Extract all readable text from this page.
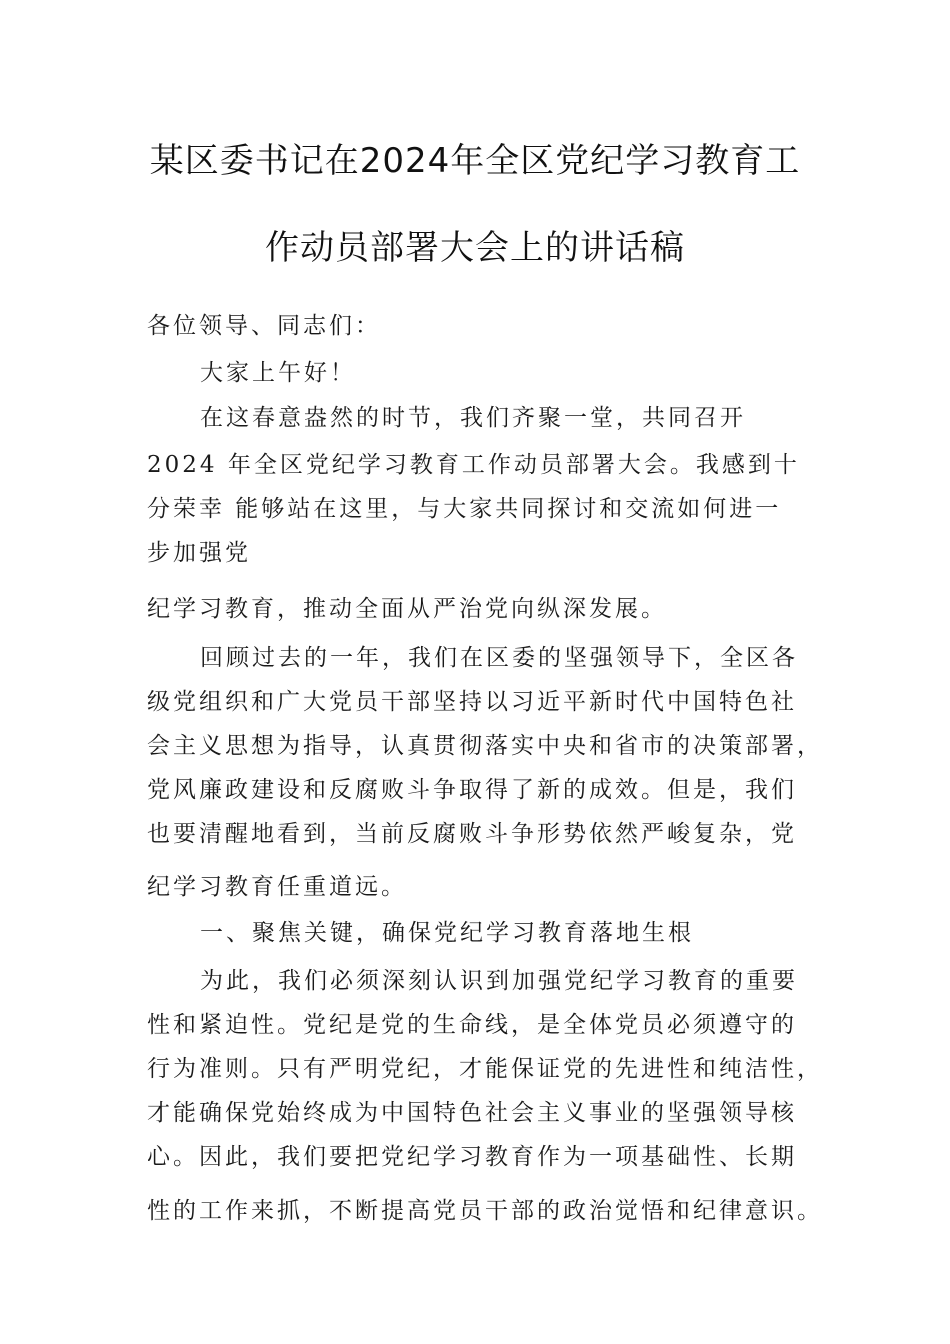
某区委书记在2024年全区党纪学习教育工
作动员部署大会上的讲话稿
各位领导、同志们：
大家上午好！
在这春意盎然的时节，我们齐聚一堂，共同召开
2024 年全区党纪学习教育工作动员部署大会。我感到十
分荣幸 能够站在这里，与大家共同探讨和交流如何进一
步加强党
纪学习教育，推动全面从严治党向纵深发展。
回顾过去的一年，我们在区委的坚强领导下，全区各
级党组织和广大党员干部坚持以习近平新时代中国特色社
会主义思想为指导，认真贯彻落实中央和省市的决策部署，
党风廉政建设和反腐败斗争取得了新的成效。但是，我们
也要清醒地看到，当前反腐败斗争形势依然严峻复杂，党
纪学习教育任重道远。
一、聚焦关键，确保党纪学习教育落地生根
为此，我们必须深刻认识到加强党纪学习教育的重要
性和紧迫性。党纪是党的生命线，是全体党员必须遵守的
行为准则。只有严明党纪，才能保证党的先进性和纯洁性，
才能确保党始终成为中国特色社会主义事业的坚强领导核
心。因此，我们要把党纪学习教育作为一项基础性、长期
性的工作来抓，不断提高党员干部的政治觉悟和纪律意识。
